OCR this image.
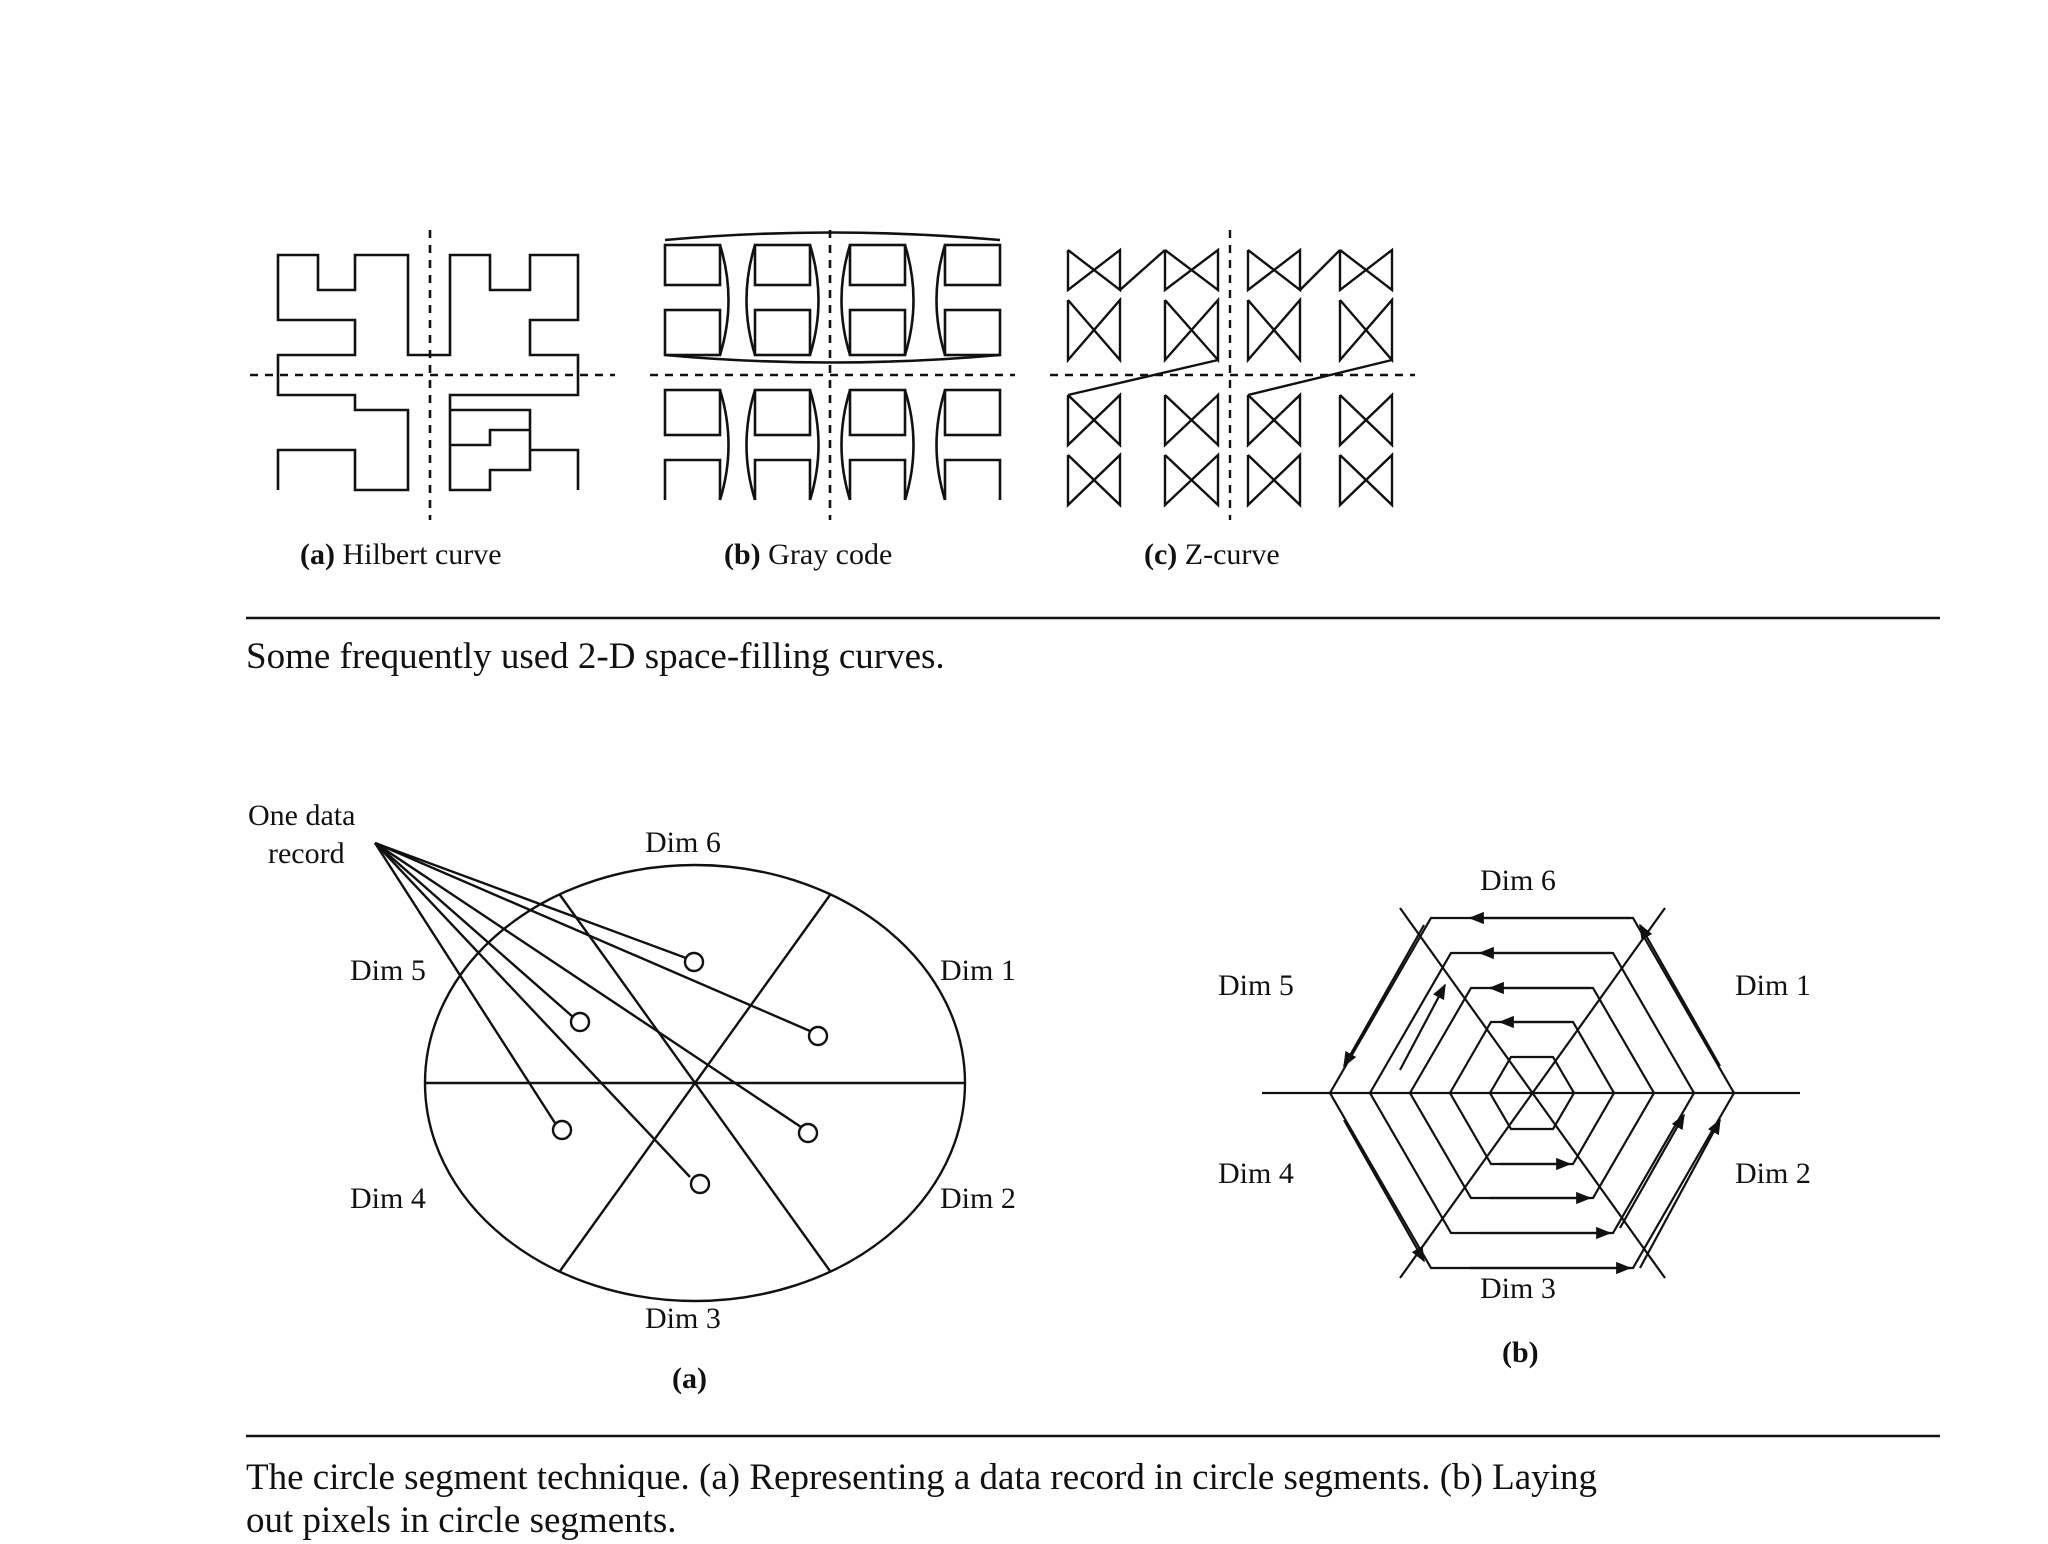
(a) Hilbert curve	(b) Gray code	(c) Z-curve
One data
record	Dim 6
Dim 1
Dim 5
Dim 4	Dim 2
Dim 3
(a)
Dim 6
Dim 1
Dim 5
Dim 4	Dim 2
Dim 3
(b)
Some frequently used 2-D space-filling curves.
The circle segment technique. (a) Representing a data record in circle segments. (b) Laying
out pixels in circle segments.
